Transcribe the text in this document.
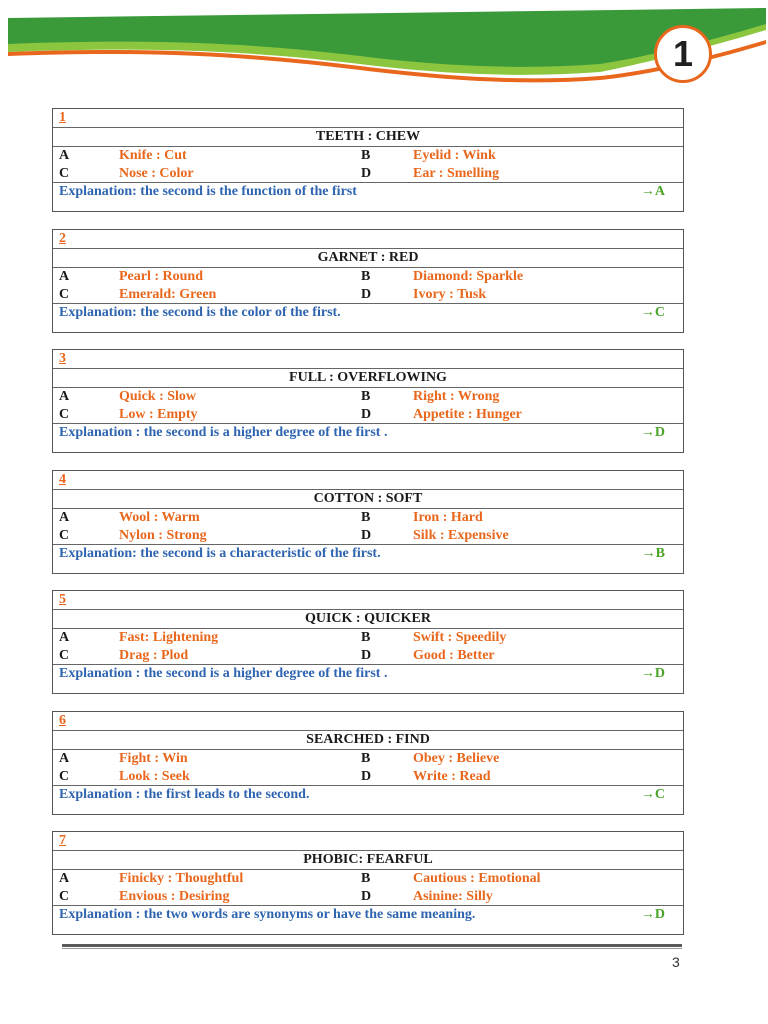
1
1
TEETH : CHEW
A	Knife : Cut	B	Eyelid : Wink
C	Nose : Color	D	Ear : Smelling
Explanation: the second is the function of the first	→A
2
GARNET : RED
A	Pearl : Round	B	Diamond: Sparkle
C	Emerald: Green	D	Ivory : Tusk
Explanation: the second is the color of the first.	→C
3
FULL : OVERFLOWING
A	Quick : Slow	B	Right : Wrong
C	Low : Empty	D	Appetite : Hunger
Explanation : the second is a higher degree of the first .	→D
4
COTTON : SOFT
A	Wool : Warm	B	Iron : Hard
C	Nylon : Strong	D	Silk : Expensive
Explanation: the second is a characteristic of the first.	→B
5
QUICK : QUICKER
A	Fast: Lightening	B	Swift : Speedily
C	Drag : Plod	D	Good : Better
Explanation : the second is a higher degree of the first .	→D
6
SEARCHED : FIND
A	Fight : Win	B	Obey : Believe
C	Look : Seek	D	Write : Read
Explanation : the first leads to the second.	→C
7
PHOBIC: FEARFUL
A	Finicky : Thoughtful	B	Cautious : Emotional
C	Envious : Desiring	D	Asinine: Silly
Explanation : the two words are synonyms or have the same meaning.	→D
3
